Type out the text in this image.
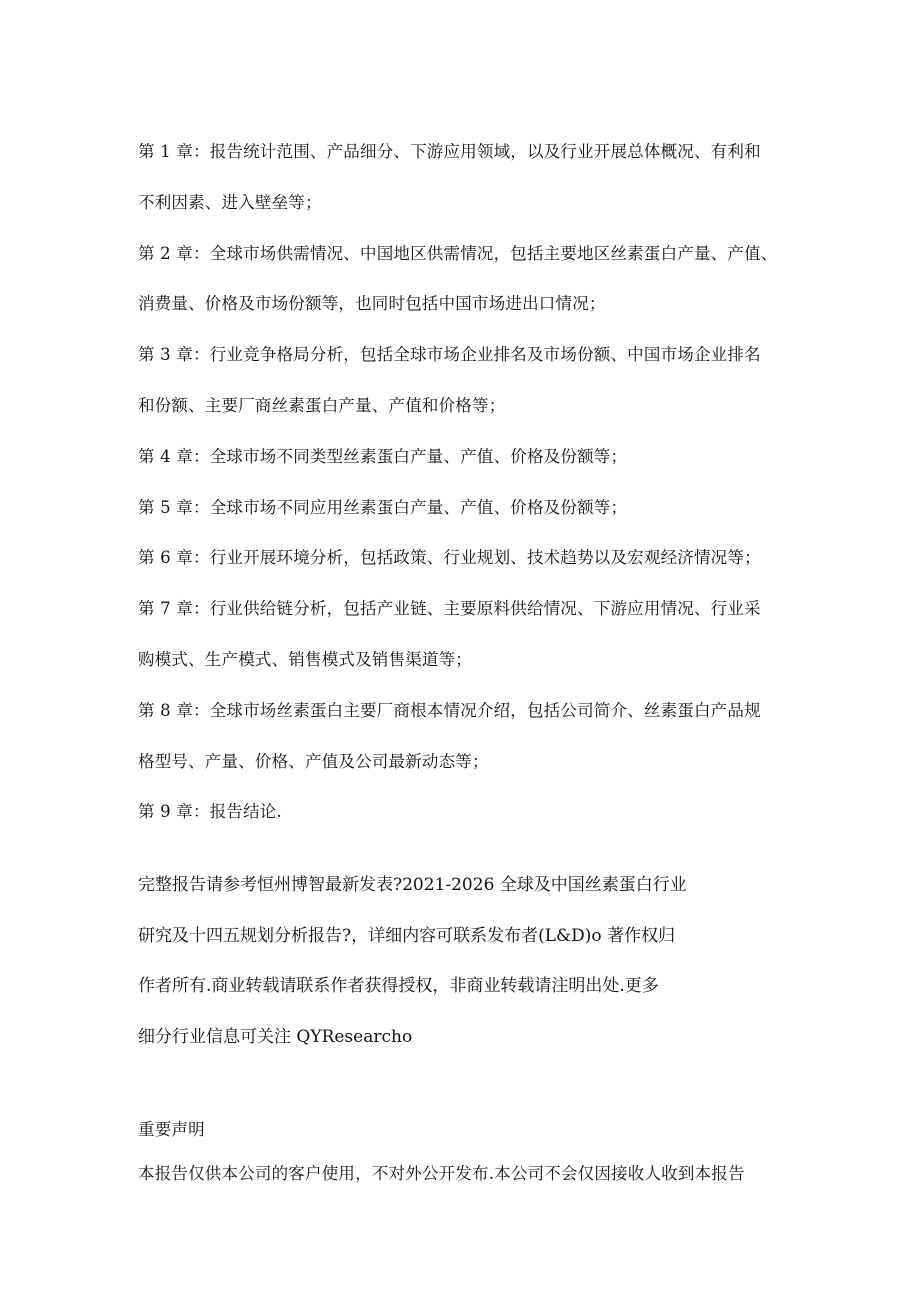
第 1 章：报告统计范围、产品细分、下游应用领域，以及行业开展总体概况、有利和
不利因素、进入壁垒等；
第 2 章：全球市场供需情况、中国地区供需情况，包括主要地区丝素蛋白产量、产值、
消费量、价格及市场份额等，也同时包括中国市场进出口情况；
第 3 章：行业竞争格局分析，包括全球市场企业排名及市场份额、中国市场企业排名
和份额、主要厂商丝素蛋白产量、产值和价格等；
第 4 章：全球市场不同类型丝素蛋白产量、产值、价格及份额等；
第 5 章：全球市场不同应用丝素蛋白产量、产值、价格及份额等；
第 6 章：行业开展环境分析，包括政策、行业规划、技术趋势以及宏观经济情况等；
第 7 章：行业供给链分析，包括产业链、主要原料供给情况、下游应用情况、行业采
购模式、生产模式、销售模式及销售渠道等；
第 8 章：全球市场丝素蛋白主要厂商根本情况介绍，包括公司简介、丝素蛋白产品规
格型号、产量、价格、产值及公司最新动态等；
第 9 章：报告结论.
完整报告请参考恒州博智最新发表?2021-2026 全球及中国丝素蛋白行业
研究及十四五规划分析报告?，详细内容可联系发布者(L&D)o 著作权归
作者所有.商业转载请联系作者获得授权，非商业转载请注明出处.更多
细分行业信息可关注 QYResearcho
重要声明
本报告仅供本公司的客户使用，不对外公开发布.本公司不会仅因接收人收到本报告
